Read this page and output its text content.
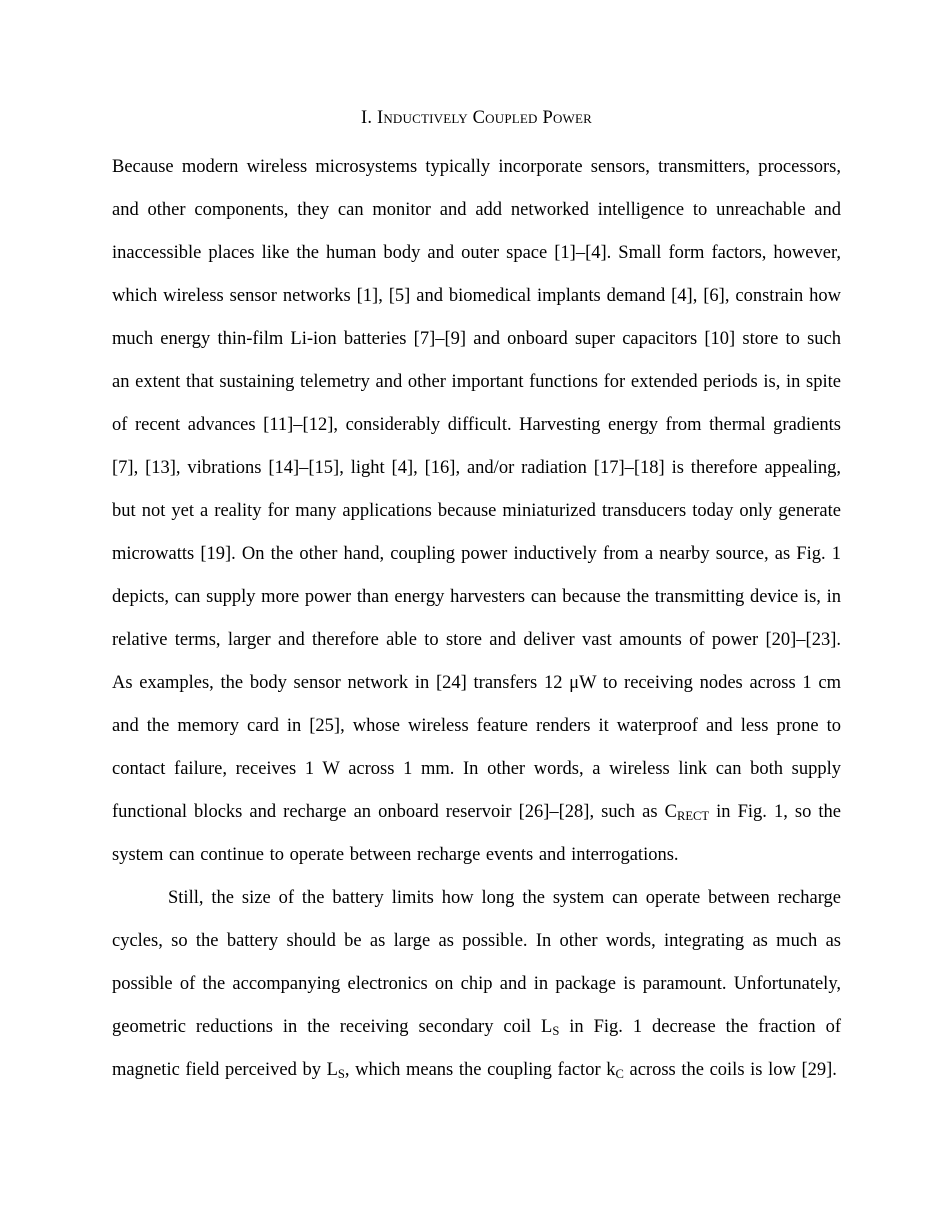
I. Inductively Coupled Power

Because modern wireless microsystems typically incorporate sensors, transmitters, processors, and other components, they can monitor and add networked intelligence to unreachable and inaccessible places like the human body and outer space [1]–[4]. Small form factors, however, which wireless sensor networks [1], [5] and biomedical implants demand [4], [6], constrain how much energy thin-film Li-ion batteries [7]–[9] and onboard super capacitors [10] store to such an extent that sustaining telemetry and other important functions for extended periods is, in spite of recent advances [11]–[12], considerably difficult. Harvesting energy from thermal gradients [7], [13], vibrations [14]–[15], light [4], [16], and/or radiation [17]–[18] is therefore appealing, but not yet a reality for many applications because miniaturized transducers today only generate microwatts [19]. On the other hand, coupling power inductively from a nearby source, as Fig. 1 depicts, can supply more power than energy harvesters can because the transmitting device is, in relative terms, larger and therefore able to store and deliver vast amounts of power [20]–[23]. As examples, the body sensor network in [24] transfers 12 μW to receiving nodes across 1 cm and the memory card in [25], whose wireless feature renders it waterproof and less prone to contact failure, receives 1 W across 1 mm. In other words, a wireless link can both supply functional blocks and recharge an onboard reservoir [26]–[28], such as $C_{RECT}$ in Fig. 1, so the system can continue to operate between recharge events and interrogations.

Still, the size of the battery limits how long the system can operate between recharge cycles, so the battery should be as large as possible. In other words, integrating as much as possible of the accompanying electronics on chip and in package is paramount. Unfortunately, geometric reductions in the receiving secondary coil $L_S$ in Fig. 1 decrease the fraction of magnetic field perceived by $L_S$, which means the coupling factor $k_C$ across the coils is low [29].
